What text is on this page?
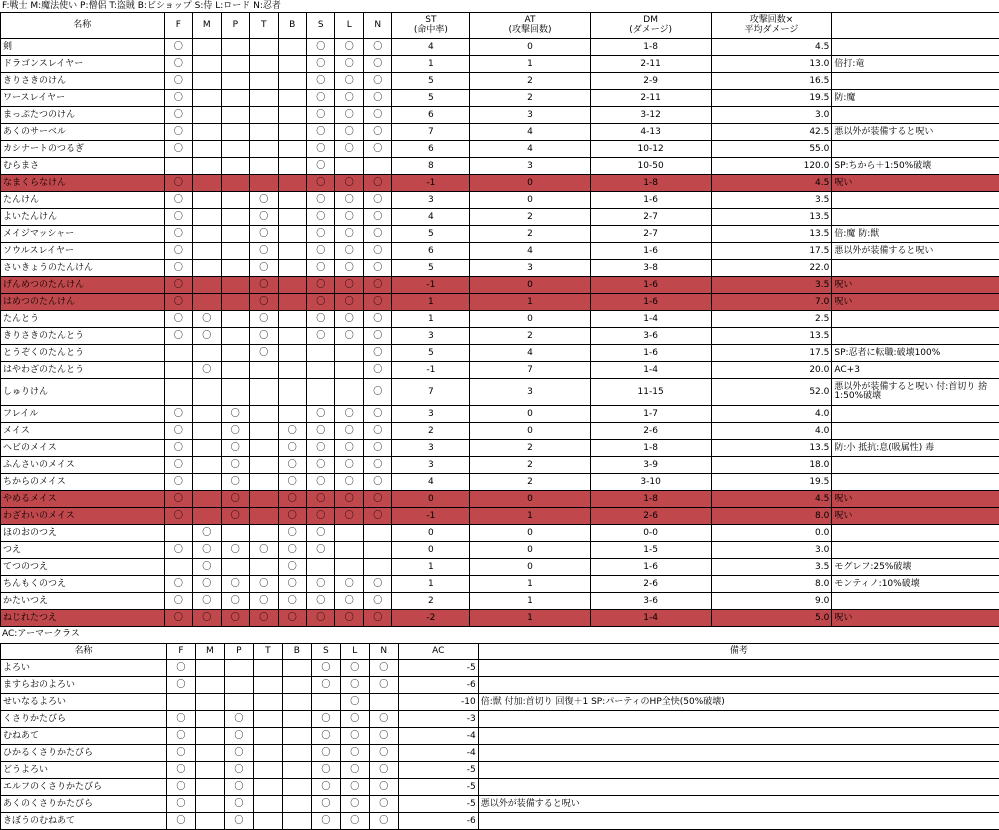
F:戦士 M:魔法使い P:僧侶 T:盗賊 B:ビショップ S:侍 L:ロード N:忍者
名称	F	M	P	T	B	S	L	N	ST
(命中率)	AT
(攻撃回数)	DM
(ダメージ)	攻撃回数×
平均ダメージ	
剣	〇					〇	〇	〇	4	0	1-8	4.5	
ドラゴンスレイヤー	〇					〇	〇	〇	1	1	2-11	13.0	倍打:竜
きりさきのけん	〇					〇	〇	〇	5	2	2-9	16.5	
ワースレイヤー	〇					〇	〇	〇	5	2	2-11	19.5	防:魔
まっぷたつのけん	〇					〇	〇	〇	6	3	3-12	3.0	
あくのサーベル	〇					〇	〇	〇	7	4	4-13	42.5	悪以外が装備すると呪い
カシナートのつるぎ	〇					〇	〇	〇	6	4	10-12	55.0	
むらまさ						〇			8	3	10-50	120.0	SP:ちから＋1:50%破壊
なまくらなけん	〇					〇	〇	〇	-1	0	1-8	4.5	呪い
たんけん	〇			〇		〇	〇	〇	3	0	1-6	3.5	
よいたんけん	〇			〇		〇	〇	〇	4	2	2-7	13.5	
メイジマッシャー	〇			〇		〇	〇	〇	5	2	2-7	13.5	倍:魔 防:獣
ソウルスレイヤー	〇			〇		〇	〇	〇	6	4	1-6	17.5	悪以外が装備すると呪い
さいきょうのたんけん	〇			〇		〇	〇	〇	5	3	3-8	22.0	
げんめつのたんけん	〇			〇		〇	〇	〇	-1	0	1-6	3.5	呪い
はめつのたんけん	〇			〇		〇	〇	〇	1	1	1-6	7.0	呪い
たんとう	〇	〇		〇		〇	〇	〇	1	0	1-4	2.5	
きりさきのたんとう	〇	〇		〇		〇	〇	〇	3	2	3-6	13.5	
とうぞくのたんとう				〇				〇	5	4	1-6	17.5	SP:忍者に転職:破壊100%
はやわざのたんとう		〇						〇	-1	7	1-4	20.0	AC+3
しゅりけん								〇	7	3	11-15	52.0	悪以外が装備すると呪い 付:首切り 捨
1:50%破壊
フレイル	〇		〇			〇	〇	〇	3	0	1-7	4.0	
メイス	〇		〇		〇	〇	〇	〇	2	0	2-6	4.0	
ヘビのメイス	〇		〇		〇	〇	〇	〇	3	2	1-8	13.5	防:小 抵抗:息(吸属性) 毒
ふんさいのメイス	〇		〇		〇	〇	〇	〇	3	2	3-9	18.0	
ちからのメイス	〇		〇		〇	〇	〇	〇	4	2	3-10	19.5	
やめるメイス	〇		〇		〇	〇	〇	〇	0	0	1-8	4.5	呪い
わざわいのメイス	〇		〇		〇	〇	〇	〇	-1	1	2-6	8.0	呪い
ほのおのつえ		〇			〇	〇			0	0	0-0	0.0	
つえ	〇	〇	〇	〇	〇	〇			0	0	1-5	3.0	
てつのつえ		〇			〇				1	0	1-6	3.5	モグレフ:25%破壊
ちんもくのつえ	〇	〇	〇	〇	〇	〇	〇	〇	1	1	2-6	8.0	モンティノ:10%破壊
かたいつえ	〇	〇	〇	〇	〇	〇	〇	〇	2	1	3-6	9.0	
ねじれたつえ	〇	〇	〇	〇	〇	〇	〇	〇	-2	1	1-4	5.0	呪い
AC:アーマークラス
名称	F	M	P	T	B	S	L	N	AC	備考
よろい	〇					〇	〇	〇	-5	
ますらおのよろい	〇					〇	〇	〇	-6	
せいなるよろい							〇		-10	倍:獣 付加:首切り 回復＋1 SP:パーティのHP全快(50%破壊)
くさりかたびら	〇		〇			〇	〇	〇	-3	
むねあて	〇		〇			〇	〇	〇	-4	
ひかるくさりかたびら	〇		〇			〇	〇	〇	-4	
どうよろい	〇		〇			〇	〇	〇	-5	
エルフのくさりかたびら	〇		〇			〇	〇	〇	-5	
あくのくさりかたびら	〇		〇			〇	〇	〇	-5	悪以外が装備すると呪い
きぼうのむねあて	〇		〇			〇	〇	〇	-6	
